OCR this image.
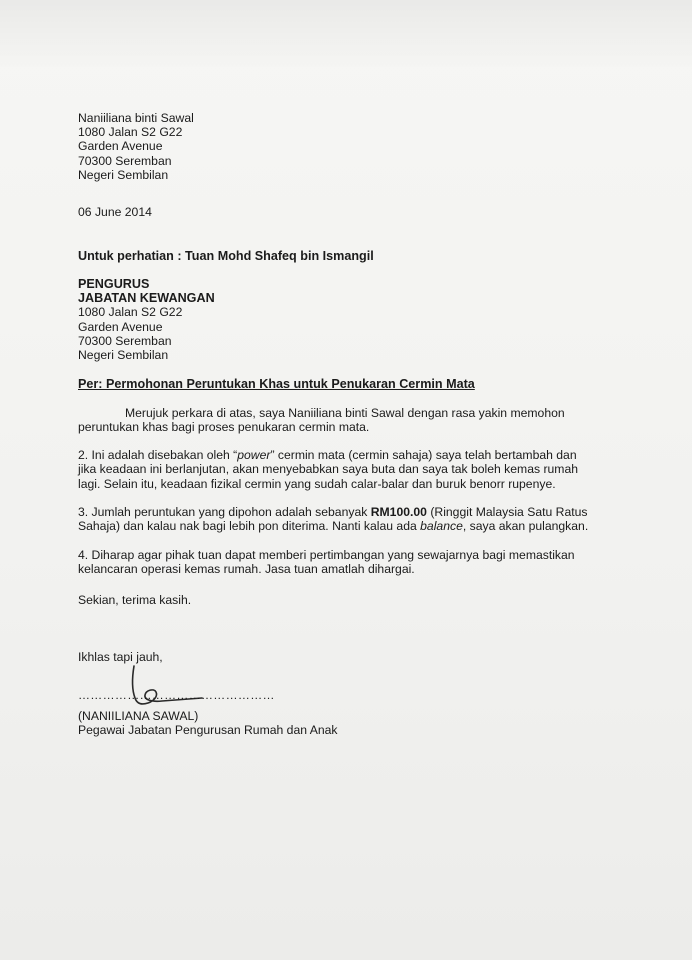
Naniiliana binti Sawal
1080 Jalan S2 G22
Garden Avenue
70300 Seremban
Negeri Sembilan
06 June 2014
Untuk perhatian : Tuan Mohd Shafeq bin Ismangil
PENGURUS
JABATAN KEWANGAN
1080 Jalan S2 G22
Garden Avenue
70300 Seremban
Negeri Sembilan
Per: Permohonan Peruntukan Khas untuk Penukaran Cermin Mata
Merujuk perkara di atas, saya Naniiliana binti Sawal dengan rasa yakin memohon
peruntukan khas bagi proses penukaran cermin mata.
2. Ini adalah disebakan oleh “power” cermin mata (cermin sahaja) saya telah bertambah dan
jika keadaan ini berlanjutan, akan menyebabkan saya buta dan saya tak boleh kemas rumah
lagi. Selain itu, keadaan fizikal cermin yang sudah calar-balar dan buruk benorr rupenye.
3. Jumlah peruntukan yang dipohon adalah sebanyak RM100.00 (Ringgit Malaysia Satu Ratus
Sahaja) dan kalau nak bagi lebih pon diterima. Nanti kalau ada balance, saya akan pulangkan.
4. Diharap agar pihak tuan dapat memberi pertimbangan yang sewajarnya bagi memastikan
kelancaran operasi kemas rumah. Jasa tuan amatlah dihargai.
Sekian, terima kasih.
Ikhlas tapi jauh,
…………………………………………
(NANIILIANA SAWAL)
Pegawai Jabatan Pengurusan Rumah dan Anak
